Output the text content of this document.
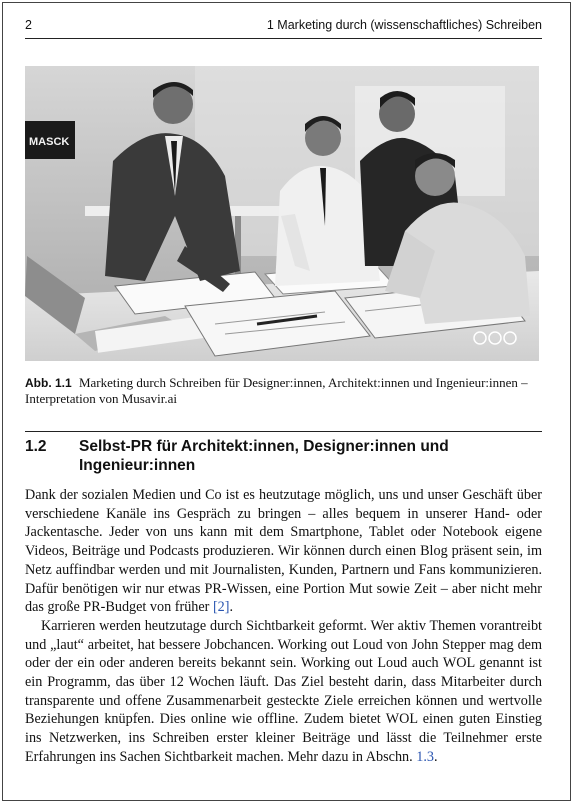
2	1 Marketing durch (wissenschaftliches) Schreiben
MASCK
Abb. 1.1 Marketing durch Schreiben für Designer:innen, Architekt:innen und Ingenieur:innen – Interpretation von Musavir.ai
1.2 Selbst-PR für Architekt:innen, Designer:innen und Ingenieur:innen

Dank der sozialen Medien und Co ist es heutzutage möglich, uns und unser Geschäft über verschiedene Kanäle ins Gespräch zu bringen – alles bequem in unserer Hand- oder Jackentasche. Jeder von uns kann mit dem Smartphone, Tablet oder Notebook eigene Videos, Beiträge und Podcasts produzieren. Wir können durch einen Blog präsent sein, im Netz auffindbar werden und mit Journalisten, Kunden, Partnern und Fans kommunizieren. Dafür benötigen wir nur etwas PR-Wissen, eine Portion Mut sowie Zeit – aber nicht mehr das große PR-Budget von früher [2].

Karrieren werden heutzutage durch Sichtbarkeit geformt. Wer aktiv Themen vorantreibt und „laut“ arbeitet, hat bessere Jobchancen. Working out Loud von John Stepper mag dem oder der ein oder anderen bereits bekannt sein. Working out Loud auch WOL genannt ist ein Programm, das über 12 Wochen läuft. Das Ziel besteht darin, dass Mitarbeiter durch transparente und offene Zusammenarbeit gesteckte Ziele erreichen können und wertvolle Beziehungen knüpfen. Dies online wie offline. Zudem bietet WOL einen guten Einstieg ins Netzwerken, ins Schreiben erster kleiner Beiträge und lässt die Teilnehmer erste Erfahrungen ins Sachen Sichtbarkeit machen. Mehr dazu in Abschn. 1.3.
